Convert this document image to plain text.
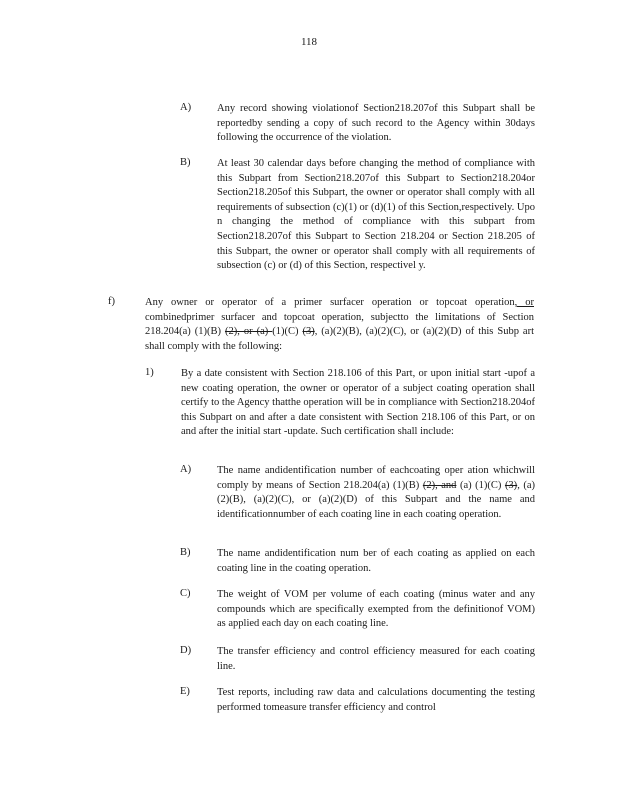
118
A) Any record showing violationof Section218.207of this Subpart shall be reportedby sending a copy of such record to the Agency within 30days following the occurrence of the violation.
B)	At least 30 calendar days before changing the method of compliance with this Subpart from Section218.207of this Subpart to Section218.204or Section218.205of this Subpart, the owner or operator shall comply with all requirements of subsection (c)(1) or (d)(1) of this Section,respectively. Upo n changing the method of compliance with this subpart from Section218.207of this Subpart to Section 218.204 or Section 218.205 of this Subpart, the owner or operator shall comply with all requirements of subsection (c) or (d) of this Section, respectivel y.
f)	Any owner or operator of a primer surfacer operation or topcoat operation, or combinedprimer surfacer and topcoat operation, subjectto the limitations of Section 218.204(a) (1)(B) (2), or (a) (1)(C) (3), (a)(2)(B), (a)(2)(C), or (a)(2)(D) of this Subp art shall comply with the following:
1)	By a date consistent with Section 218.106 of this Part, or upon initial start -upof a new coating operation, the owner or operator of a subject coating operation shall certify to the Agency thatthe operation will be in compliance with Section218.204of this Subpart on and after a date consistent with Section 218.106 of this Part, or on and after the initial start -update. Such certification shall include:
A) The name andidentification number of eachcoating oper ation whichwill comply by means of Section 218.204(a) (1)(B) (2), and (a) (1)(C) (3), (a)(2)(B), (a)(2)(C), or (a)(2)(D) of this Subpart and the name and identificationnumber of each coating line in each coating operation.
B)	The name andidentification num ber of each coating as applied on each coating line in the coating operation.
C)	The weight of VOM per volume of each coating (minus water and any compounds which are specifically exempted from the definitionof VOM) as applied each day on each coating line.
D) The transfer efficiency and control efficiency measured for each coating line.
E)	Test reports, including raw data and calculations documenting the testing performed tomeasure transfer efficiency and control
